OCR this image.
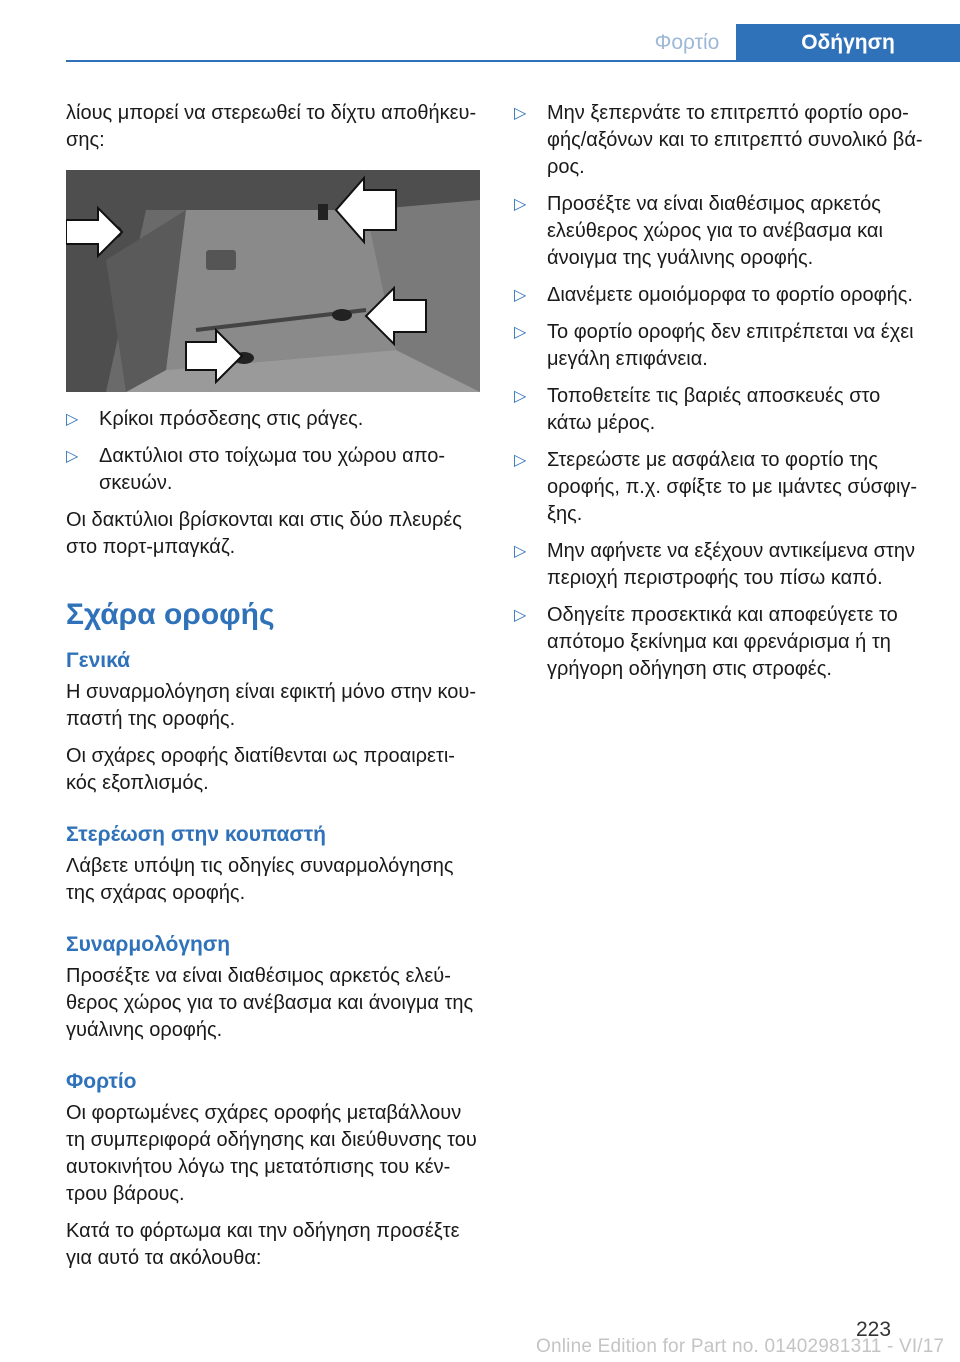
Φορτίο	Οδήγηση

λίους μπορεί να στερεωθεί το δίχτυ αποθήκευ-σης:

▷ Κρίκοι πρόσδεσης στις ράγες.
▷ Δακτύλιοι στο τοίχωμα του χώρου απο-σκευών.

Οι δακτύλιοι βρίσκονται και στις δύο πλευρές στο πορτ-μπαγκάζ.

Σχάρα οροφής
Γενικά

Η συναρμολόγηση είναι εφικτή μόνο στην κου-παστή της οροφής.

Οι σχάρες οροφής διατίθενται ως προαιρετι-κός εξοπλισμός.

Στερέωση στην κουπαστή

Λάβετε υπόψη τις οδηγίες συναρμολόγησης της σχάρας οροφής.

Συναρμολόγηση

Προσέξτε να είναι διαθέσιμος αρκετός ελεύ-θερος χώρος για το ανέβασμα και άνοιγμα της γυάλινης οροφής.

Φορτίο

Οι φορτωμένες σχάρες οροφής μεταβάλλουν τη συμπεριφορά οδήγησης και διεύθυνσης του αυτοκινήτου λόγω της μετατόπισης του κέν-τρου βάρους.

Κατά το φόρτωμα και την οδήγηση προσέξτε για αυτό τα ακόλουθα:

▷ Μην ξεπερνάτε το επιτρεπτό φορτίο ορο-φής/αξόνων και το επιτρεπτό συνολικό βά-ρος.
▷ Προσέξτε να είναι διαθέσιμος αρκετός ελεύθερος χώρος για το ανέβασμα και άνοιγμα της γυάλινης οροφής.
▷ Διανέμετε ομοιόμορφα το φορτίο οροφής.
▷ Το φορτίο οροφής δεν επιτρέπεται να έχει μεγάλη επιφάνεια.
▷ Τοποθετείτε τις βαριές αποσκευές στο κάτω μέρος.
▷ Στερεώστε με ασφάλεια το φορτίο της οροφής, π.χ. σφίξτε το με ιμάντες σύσφιγ-ξης.
▷ Μην αφήνετε να εξέχουν αντικείμενα στην περιοχή περιστροφής του πίσω καπό.
▷ Οδηγείτε προσεκτικά και αποφεύγετε το απότομο ξεκίνημα και φρενάρισμα ή τη γρήγορη οδήγηση στις στροφές.
223
Online Edition for Part no. 01402981311 - VI/17
